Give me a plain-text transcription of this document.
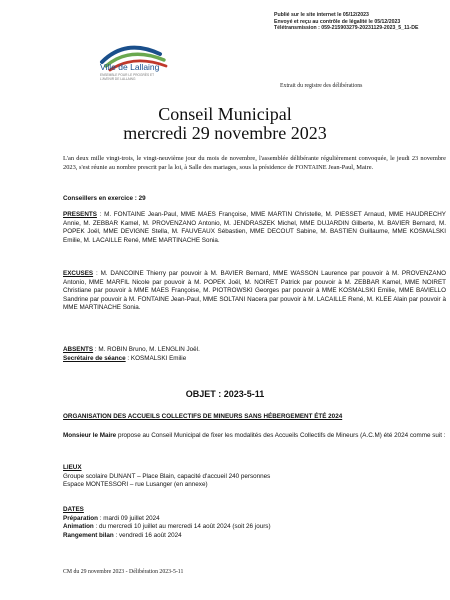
Publié sur le site internet le 05/12/2023
Envoyé et reçu au contrôle de légalité le 05/12/2023
Télétransmission : 059-215903279-20231129-2023_5_11-DE
Ville de Lallaing
ENSEMBLE POUR LE PROGRÈS ET L'AVENIR DE LALLAING
Extrait du registre des délibérations
Conseil Municipal
mercredi 29 novembre 2023
L'an deux mille vingt-trois, le vingt-neuvième jour du mois de novembre, l'assemblée délibérante régulièrement convoquée, le jeudi 23 novembre 2023, s'est réunie au nombre prescrit par la loi, à Salle des mariages, sous la présidence de FONTAINE Jean-Paul, Maire.
Conseillers en exercice : 29
PRESENTS : M. FONTAINE Jean-Paul, MME MAES Françoise, MME MARTIN Christelle, M. PIESSET Arnaud, MME HAUDRECHY Annie, M. ZEBBAR Kamel, M. PROVENZANO Antonio, M. JENDRASZEK Michel, MME DUJARDIN Gilberte, M. BAVIER Bernard, M. POPEK Joël, MME DEVIGNE Stella, M. FAUVEAUX Sébastien, MME DECOUT Sabine, M. BASTIEN Guillaume, MME KOSMALSKI Emilie, M. LACAILLE René, MME MARTINACHE Sonia.
EXCUSES : M. DANCOINE Thierry par pouvoir à M. BAVIER Bernard, MME WASSON Laurence par pouvoir à M. PROVENZANO Antonio, MME MARFIL Nicole par pouvoir à M. POPEK Joël, M. NOIRET Patrick par pouvoir à M. ZEBBAR Kamel, MME NOIRET Christiane par pouvoir à MME MAES Françoise, M. PIOTROWSKI Georges par pouvoir à MME KOSMALSKI Emilie, MME BAVIELLO Sandrine par pouvoir à M. FONTAINE Jean-Paul, MME SOLTANI Nacera par pouvoir à M. LACAILLE René, M. KLEE Alain par pouvoir à MME MARTINACHE Sonia.
ABSENTS : M. ROBIN Bruno, M. LENGLIN Joël.
Secrétaire de séance : KOSMALSKI Emilie
OBJET : 2023-5-11
ORGANISATION DES ACCUEILS COLLECTIFS DE MINEURS SANS HÉBERGEMENT ÉTÉ 2024
Monsieur le Maire propose au Conseil Municipal de fixer les modalités des Accueils Collectifs de Mineurs (A.C.M) été 2024 comme suit :
LIEUX
Groupe scolaire DUNANT – Place Blain, capacité d'accueil 240 personnes
Espace MONTESSORI – rue Lusanger (en annexe)
DATES
Préparation : mardi 09 juillet 2024
Animation : du mercredi 10 juillet au mercredi 14 août 2024 (soit 26 jours)
Rangement bilan : vendredi 16 août 2024
CM du 29 novembre 2023 - Délibération 2023-5-11
